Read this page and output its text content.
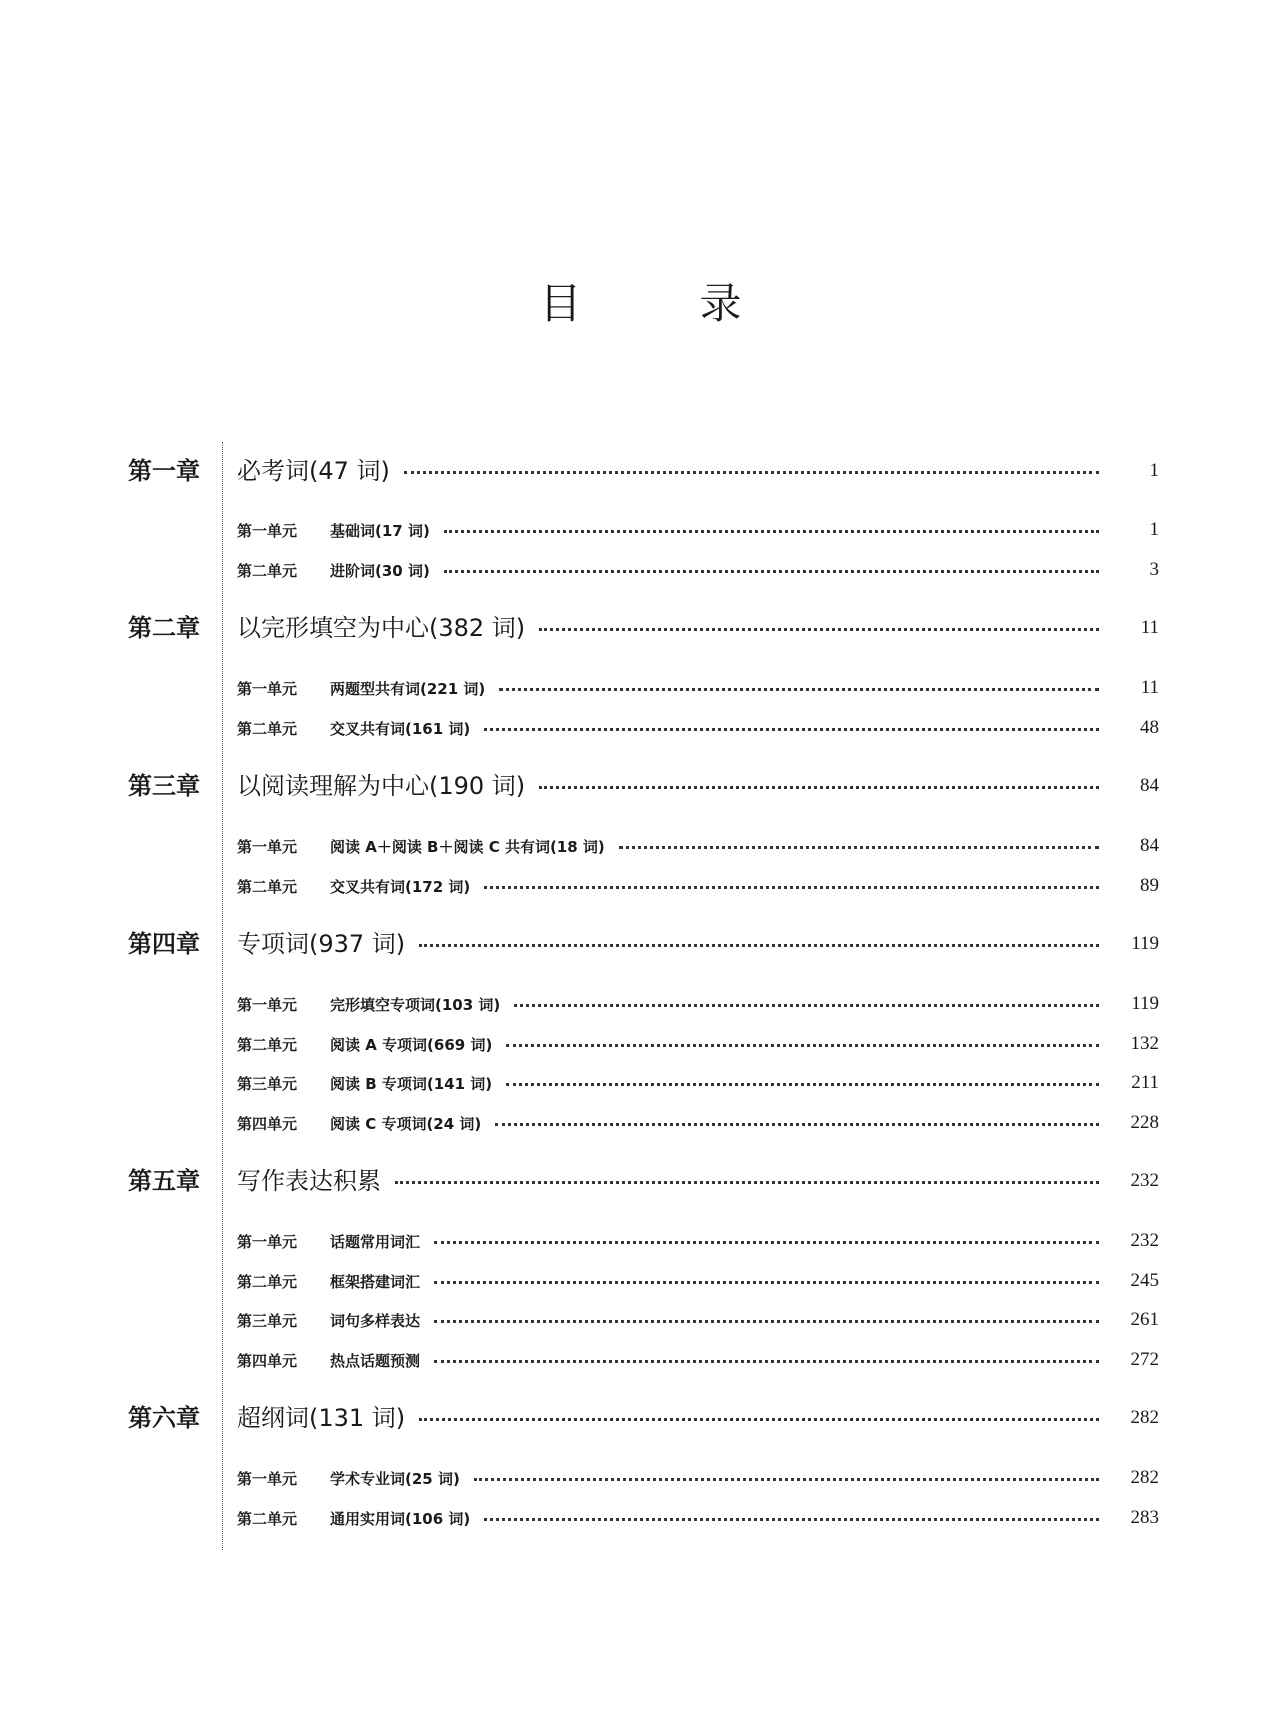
目　录
第一章 必考词(47 词)	1
第一单元	基础词(17 词)	1
第二单元	进阶词(30 词)	3
第二章 以完形填空为中心(382 词)	11
第一单元	两题型共有词(221 词)	11
第二单元	交叉共有词(161 词)	48
第三章 以阅读理解为中心(190 词)	84
第一单元	阅读 A＋阅读 B＋阅读 C 共有词(18 词)	84
第二单元	交叉共有词(172 词)	89
第四章 专项词(937 词)	119
第一单元	完形填空专项词(103 词)	119
第二单元	阅读 A 专项词(669 词)	132
第三单元	阅读 B 专项词(141 词)	211
第四单元	阅读 C 专项词(24 词)	228
第五章 写作表达积累	232
第一单元	话题常用词汇	232
第二单元	框架搭建词汇	245
第三单元	词句多样表达	261
第四单元	热点话题预测	272
第六章 超纲词(131 词)	282
第一单元	学术专业词(25 词)	282
第二单元	通用实用词(106 词)	283
